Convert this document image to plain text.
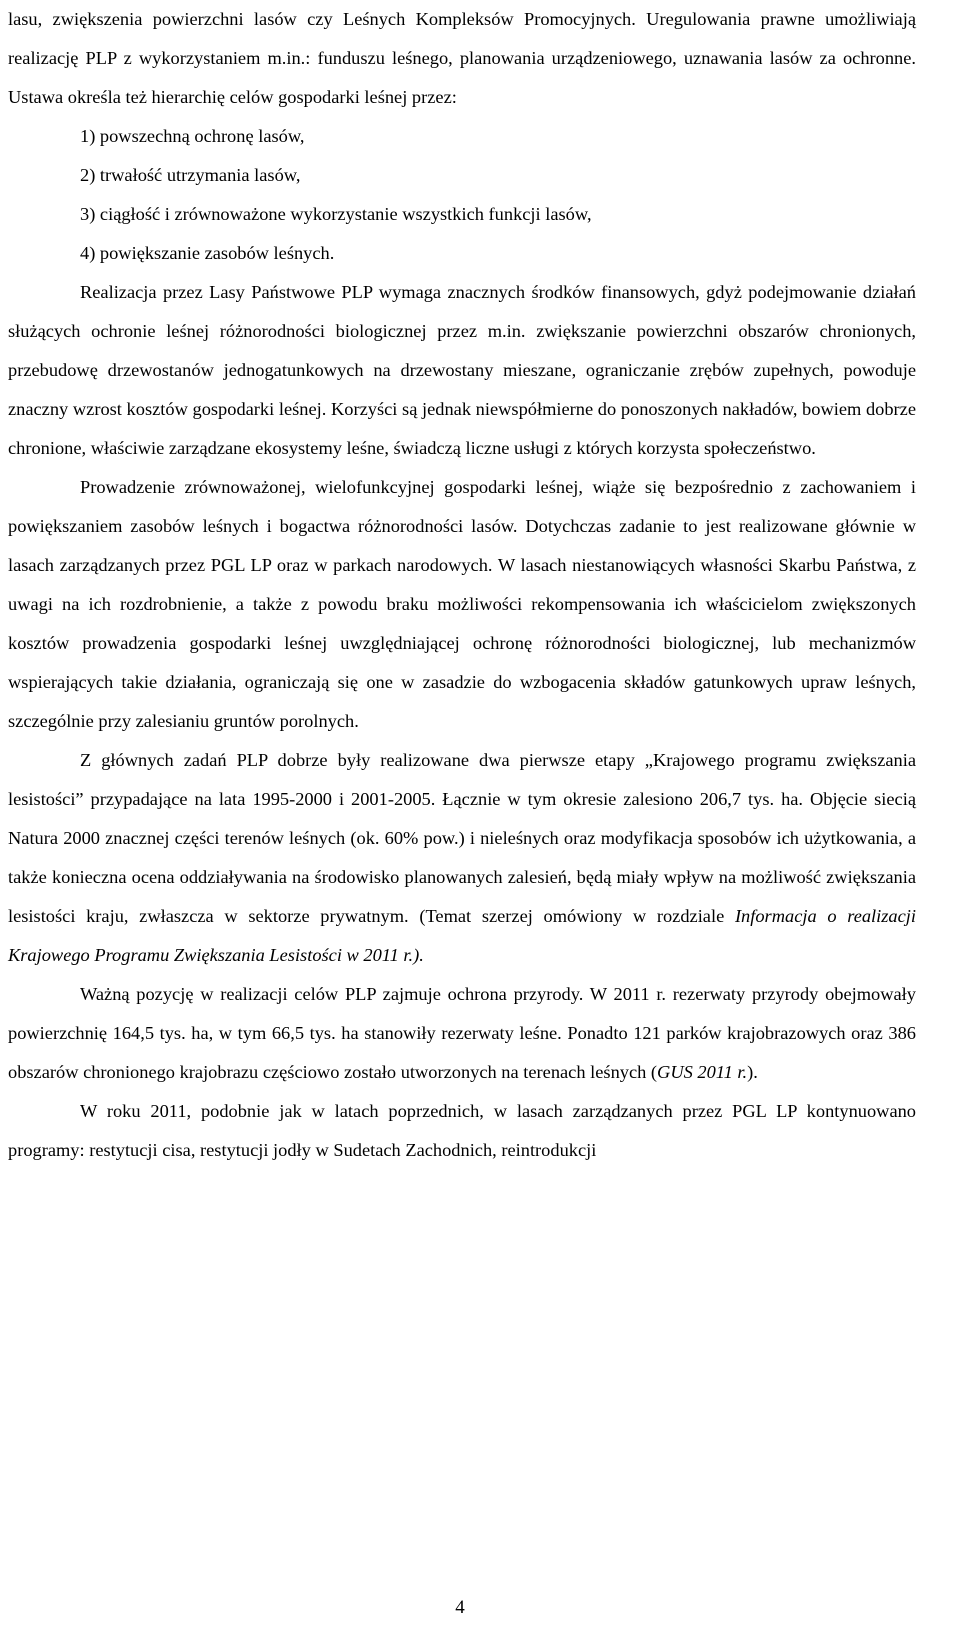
lasu, zwiększenia powierzchni lasów czy Leśnych Kompleksów Promocyjnych. Uregulowania prawne umożliwiają realizację PLP z wykorzystaniem m.in.: funduszu leśnego, planowania urządzeniowego, uznawania lasów za ochronne. Ustawa określa też hierarchię celów gospodarki leśnej przez:

1) powszechną ochronę lasów,
2) trwałość utrzymania lasów,
3) ciągłość i zrównoważone wykorzystanie wszystkich funkcji lasów,
4) powiększanie zasobów leśnych.

Realizacja przez Lasy Państwowe PLP wymaga znacznych środków finansowych, gdyż podejmowanie działań służących ochronie leśnej różnorodności biologicznej przez m.in. zwiększanie powierzchni obszarów chronionych, przebudowę drzewostanów jednogatunkowych na drzewostany mieszane, ograniczanie zrębów zupełnych, powoduje znaczny wzrost kosztów gospodarki leśnej. Korzyści są jednak niewspółmierne do ponoszonych nakładów, bowiem dobrze chronione, właściwie zarządzane ekosystemy leśne, świadczą liczne usługi z których korzysta społeczeństwo.

Prowadzenie zrównoważonej, wielofunkcyjnej gospodarki leśnej, wiąże się bezpośrednio z zachowaniem i powiększaniem zasobów leśnych i bogactwa różnorodności lasów. Dotychczas zadanie to jest realizowane głównie w lasach zarządzanych przez PGL LP oraz w parkach narodowych. W lasach niestanowiących własności Skarbu Państwa, z uwagi na ich rozdrobnienie, a także z powodu braku możliwości rekompensowania ich właścicielom zwiększonych kosztów prowadzenia gospodarki leśnej uwzględniającej ochronę różnorodności biologicznej, lub mechanizmów wspierających takie działania, ograniczają się one w zasadzie do wzbogacenia składów gatunkowych upraw leśnych, szczególnie przy zalesianiu gruntów porolnych.

Z głównych zadań PLP dobrze były realizowane dwa pierwsze etapy „Krajowego programu zwiększania lesistości” przypadające na lata 1995-2000 i 2001-2005. Łącznie w tym okresie zalesiono 206,7 tys. ha. Objęcie siecią Natura 2000 znacznej części terenów leśnych (ok. 60% pow.) i nieleśnych oraz modyfikacja sposobów ich użytkowania, a także konieczna ocena oddziaływania na środowisko planowanych zalesień, będą miały wpływ na możliwość zwiększania lesistości kraju, zwłaszcza w sektorze prywatnym. (Temat szerzej omówiony w rozdziale Informacja o realizacji Krajowego Programu Zwiększania Lesistości w 2011 r.).

Ważną pozycję w realizacji celów PLP zajmuje ochrona przyrody. W 2011 r. rezerwaty przyrody obejmowały powierzchnię 164,5 tys. ha, w tym 66,5 tys. ha stanowiły rezerwaty leśne. Ponadto 121 parków krajobrazowych oraz 386 obszarów chronionego krajobrazu częściowo zostało utworzonych na terenach leśnych (GUS 2011 r.).

W roku 2011, podobnie jak w latach poprzednich, w lasach zarządzanych przez PGL LP kontynuowano programy: restytucji cisa, restytucji jodły w Sudetach Zachodnich, reintrodukcji

4
